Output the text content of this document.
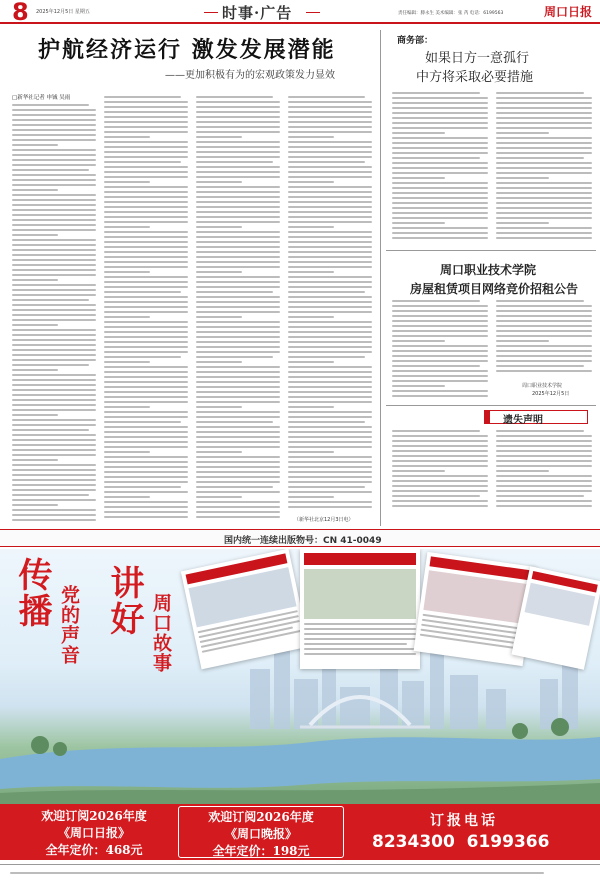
8 2025年12月5日 星期五	时事·广告	责任编辑：滕永生 美术编辑：张 芮 电话：6199563	周口日报
护航经济运行 激发发展潜能
——更加积极有为的宏观政策发力显效
□新华社记者 申铖 吴雨
（新华社北京12月3日电）
商务部：
如果日方一意孤行
中方将采取必要措施
周口职业技术学院
房屋租赁项目网络竞价招租公告
周口职业技术学院
2025年12月5日
遗失声明
国内统一连续出版物号：CN 41-0049
传播 党的声音 讲好 周口故事
欢迎订阅2026年度
《周口日报》
全年定价：468元
欢迎订阅2026年度
《周口晚报》
全年定价：198元
订报电话
8234300  6199366
